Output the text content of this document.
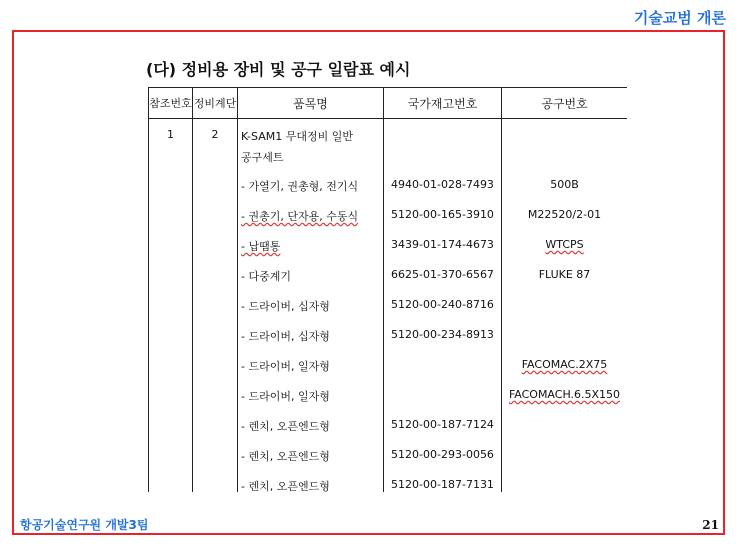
기술교범 개론
(다) 정비용 장비 및 공구 일람표 예시
참조번호	정비계단	품목명	국가재고번호	공구번호

1	2	K-SAM1 무대정비 일반
공구세트		

		- 가열기, 권총형, 전기식	4940-01-028-7493	500B
		- 권총기, 단자용, 수동식	5120-00-165-3910	M22520/2-01
		- 납땜통	3439-01-174-4673	WTCPS
		- 다중계기	6625-01-370-6567	FLUKE 87
		- 드라이버, 십자형	5120-00-240-8716	
		- 드라이버, 십자형	5120-00-234-8913	
		- 드라이버, 일자형		FACOMAC.2X75
		- 드라이버, 일자형		FACOMACH.6.5X150
		- 렌치, 오픈엔드형	5120-00-187-7124	
		- 렌치, 오픈엔드형	5120-00-293-0056	
		- 렌치, 오픈엔드형	5120-00-187-7131	
항공기술연구원 개발3팀	21
